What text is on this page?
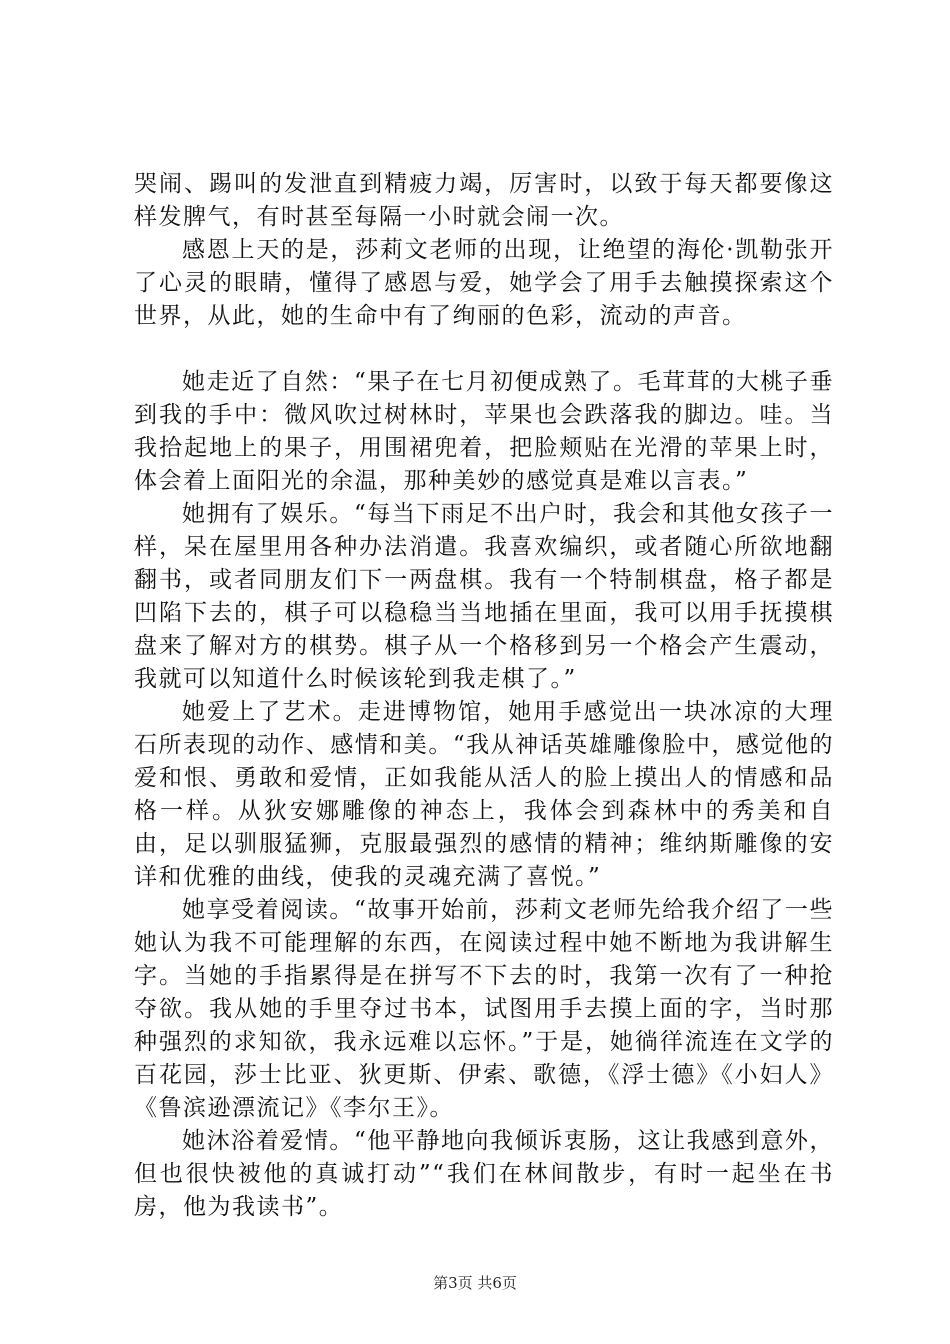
哭闹、踢叫的发泄直到精疲力竭，厉害时，以致于每天都要像这样发脾气，有时甚至每隔一小时就会闹一次。

感恩上天的是，莎莉文老师的出现，让绝望的海伦·凯勒张开了心灵的眼睛，懂得了感恩与爱，她学会了用手去触摸探索这个世界，从此，她的生命中有了绚丽的色彩，流动的声音。

她走近了自然：“果子在七月初便成熟了。毛茸茸的大桃子垂到我的手中：微风吹过树林时，苹果也会跌落我的脚边。哇。当我拾起地上的果子，用围裙兜着，把脸颊贴在光滑的苹果上时，体会着上面阳光的余温，那种美妙的感觉真是难以言表。”

她拥有了娱乐。“每当下雨足不出户时，我会和其他女孩子一样，呆在屋里用各种办法消遣。我喜欢编织，或者随心所欲地翻翻书，或者同朋友们下一两盘棋。我有一个特制棋盘，格子都是凹陷下去的，棋子可以稳稳当当地插在里面，我可以用手抚摸棋盘来了解对方的棋势。棋子从一个格移到另一个格会产生震动，我就可以知道什么时候该轮到我走棋了。”

她爱上了艺术。走进博物馆，她用手感觉出一块冰凉的大理石所表现的动作、感情和美。“我从神话英雄雕像脸中，感觉他的爱和恨、勇敢和爱情，正如我能从活人的脸上摸出人的情感和品格一样。从狄安娜雕像的神态上，我体会到森林中的秀美和自由，足以驯服猛狮，克服最强烈的感情的精神；维纳斯雕像的安详和优雅的曲线，使我的灵魂充满了喜悦。”

她享受着阅读。“故事开始前，莎莉文老师先给我介绍了一些她认为我不可能理解的东西，在阅读过程中她不断地为我讲解生字。当她的手指累得是在拼写不下去的时，我第一次有了一种抢夺欲。我从她的手里夺过书本，试图用手去摸上面的字，当时那种强烈的求知欲，我永远难以忘怀。”于是，她徜徉流连在文学的百花园，莎士比亚、狄更斯、伊索、歌德，《浮士德》《小妇人》《鲁滨逊漂流记》《李尔王》。

她沐浴着爱情。“他平静地向我倾诉衷肠，这让我感到意外，但也很快被他的真诚打动”“我们在林间散步，有时一起坐在书房，他为我读书”。

第3页 共6页
